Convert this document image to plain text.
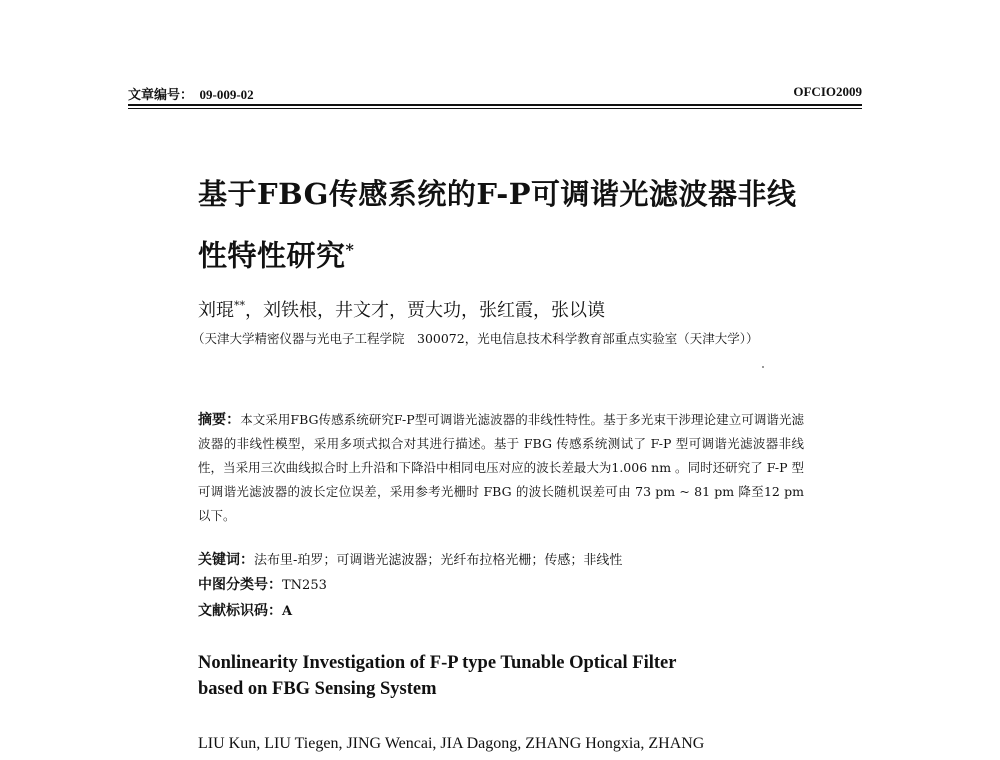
文章编号： 09-009-02	OFCIO2009
基于FBG传感系统的F-P可调谐光滤波器非线
性特性研究*
刘琨**，刘铁根，井文才，贾大功，张红霞，张以谟
（天津大学精密仪器与光电子工程学院　300072，光电信息技术科学教育部重点实验室（天津大学））
摘要：本文采用FBG传感系统研究F-P型可调谐光滤波器的非线性特性。基于多光束干涉理论建立可调谐光滤波器的非线性模型，采用多项式拟合对其进行描述。基于 FBG 传感系统测试了 F-P 型可调谐光滤波器非线性，当采用三次曲线拟合时上升沿和下降沿中相同电压对应的波长差最大为1.006 nm 。同时还研究了 F-P 型可调谐光滤波器的波长定位误差，采用参考光栅时 FBG 的波长随机误差可由 73 pm ~ 81 pm 降至12 pm 以下。
关键词：法布里-珀罗；可调谐光滤波器；光纤布拉格光栅；传感；非线性
中图分类号：TN253
文献标识码：A
Nonlinearity Investigation of F-P type Tunable Optical Filter
based on FBG Sensing System
LIU Kun, LIU Tiegen, JING Wencai, JIA Dagong, ZHANG Hongxia, ZHANG
